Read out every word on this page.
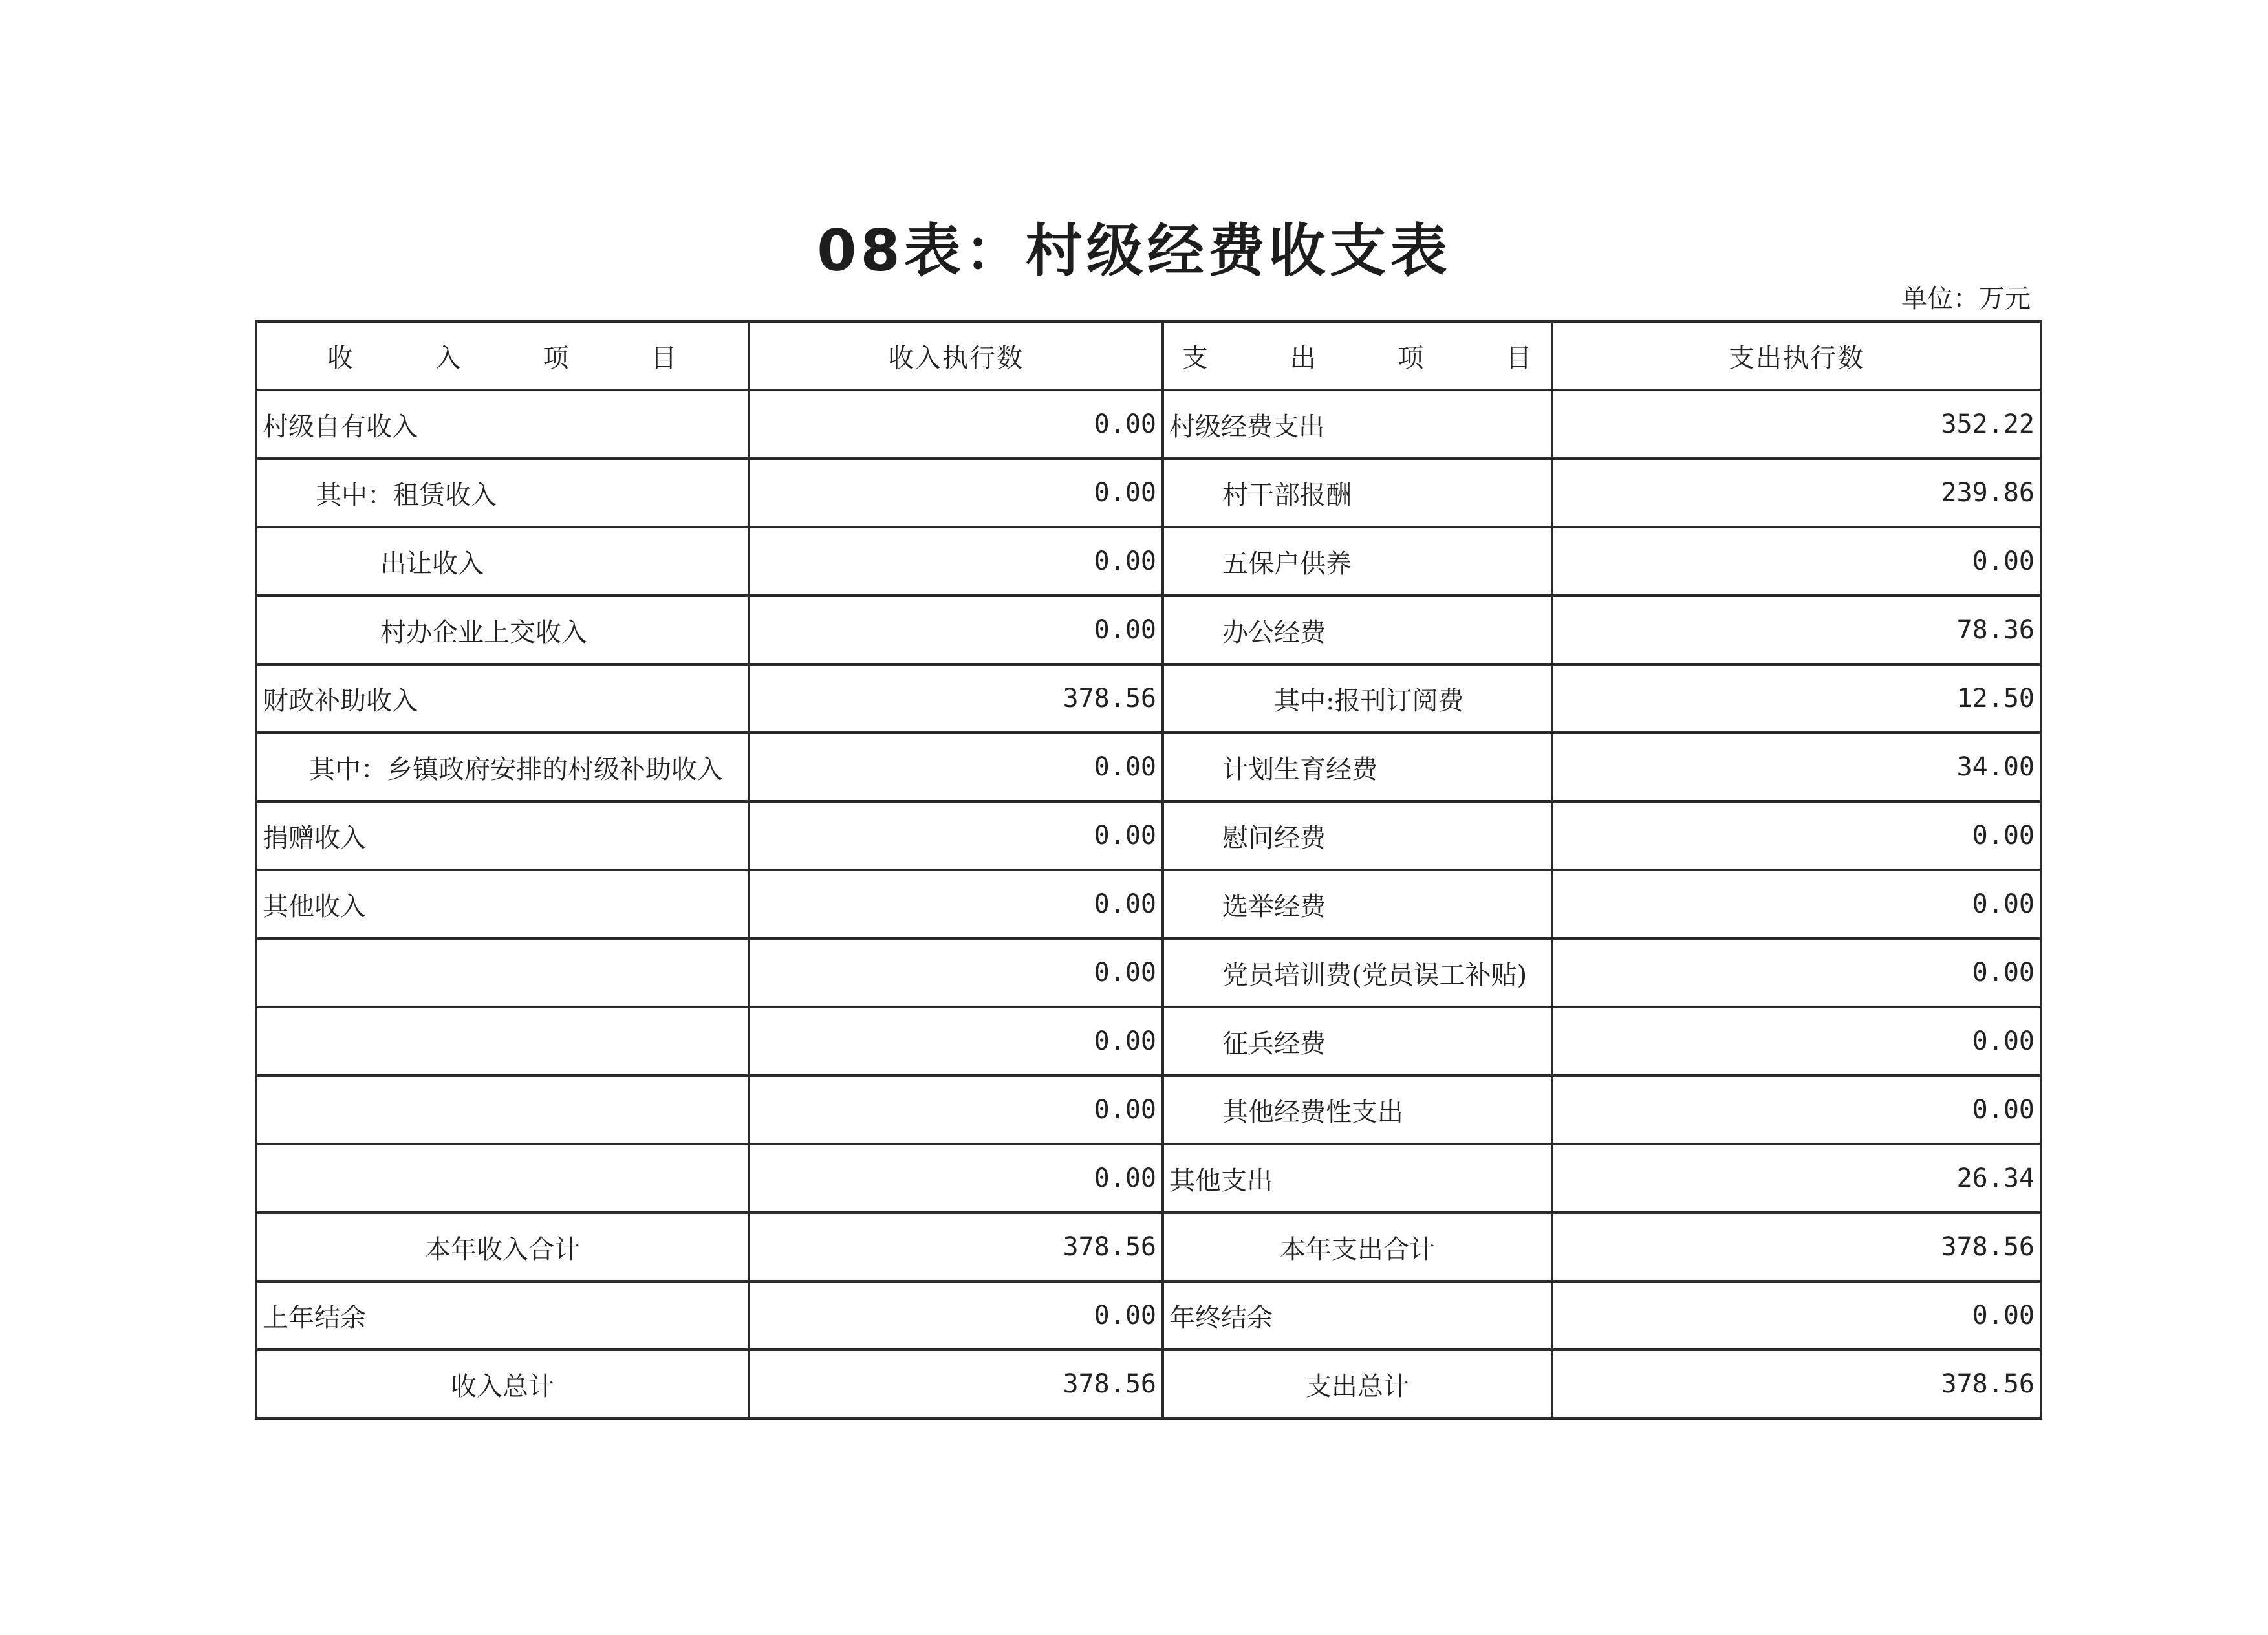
08表：村级经费收支表
单位：万元
收 入 项 目	收入执行数	支 出 项 目	支出执行数
村级自有收入	0.00	村级经费支出	352.22
其中：租赁收入	0.00	村干部报酬	239.86
出让收入	0.00	五保户供养	0.00
村办企业上交收入	0.00	办公经费	78.36
财政补助收入	378.56	其中:报刊订阅费	12.50
其中：乡镇政府安排的村级补助收入	0.00	计划生育经费	34.00
捐赠收入	0.00	慰问经费	0.00
其他收入	0.00	选举经费	0.00
	0.00	党员培训费(党员误工补贴)	0.00
	0.00	征兵经费	0.00
	0.00	其他经费性支出	0.00
	0.00	其他支出	26.34
本年收入合计	378.56	本年支出合计	378.56
上年结余	0.00	年终结余	0.00
收入总计	378.56	支出总计	378.56
